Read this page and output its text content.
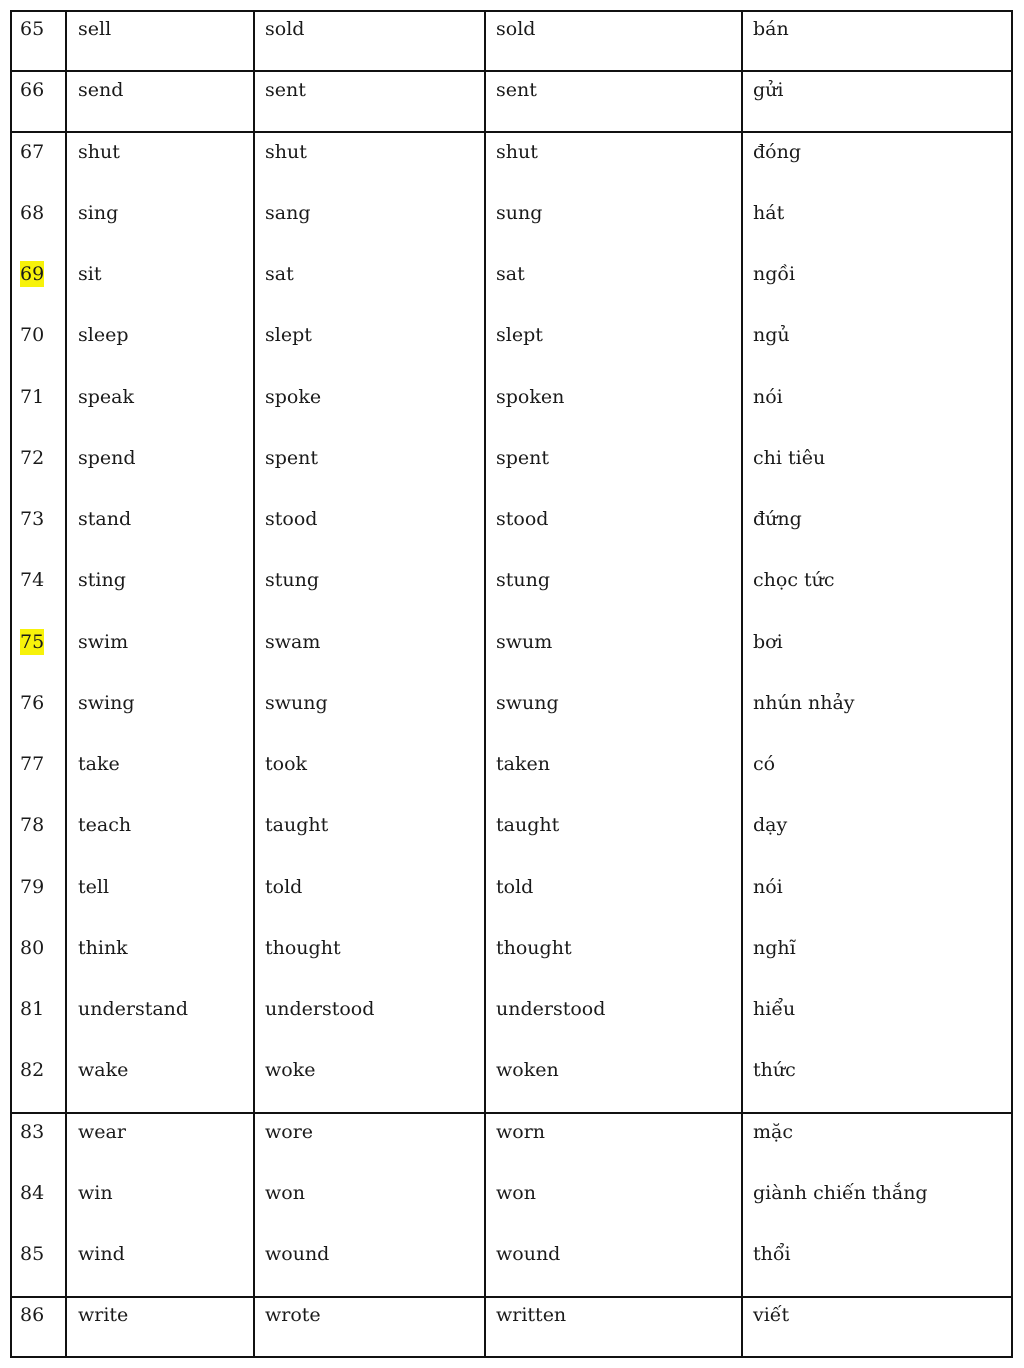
65 sell	sold	sold	bán
66 send	sent	sent	gửi
67 shut	shut	shut	đóng
68 sing	sang	sung	hát
69 sit	sat	sat	ngồi
70 sleep	slept	slept	ngủ
71 speak	spoke	spoken	nói
72 spend	spent	spent	chi tiêu
73 stand	stood	stood	đứng
74 sting	stung	stung	chọc tức
75 swim	swam	swum	bơi
76 swing	swung	swung	nhún nhảy
77 take	took	taken	có
78 teach	taught	taught	dạy
79 tell	told	told	nói
80 think	thought	thought	nghĩ
81 understand	understood	understood	hiểu
82 wake	woke	woken	thức
83 wear	wore	worn	mặc
84 win	won	won	giành chiến thắng
85 wind	wound	wound	thổi
86 write	wrote	written	viết
